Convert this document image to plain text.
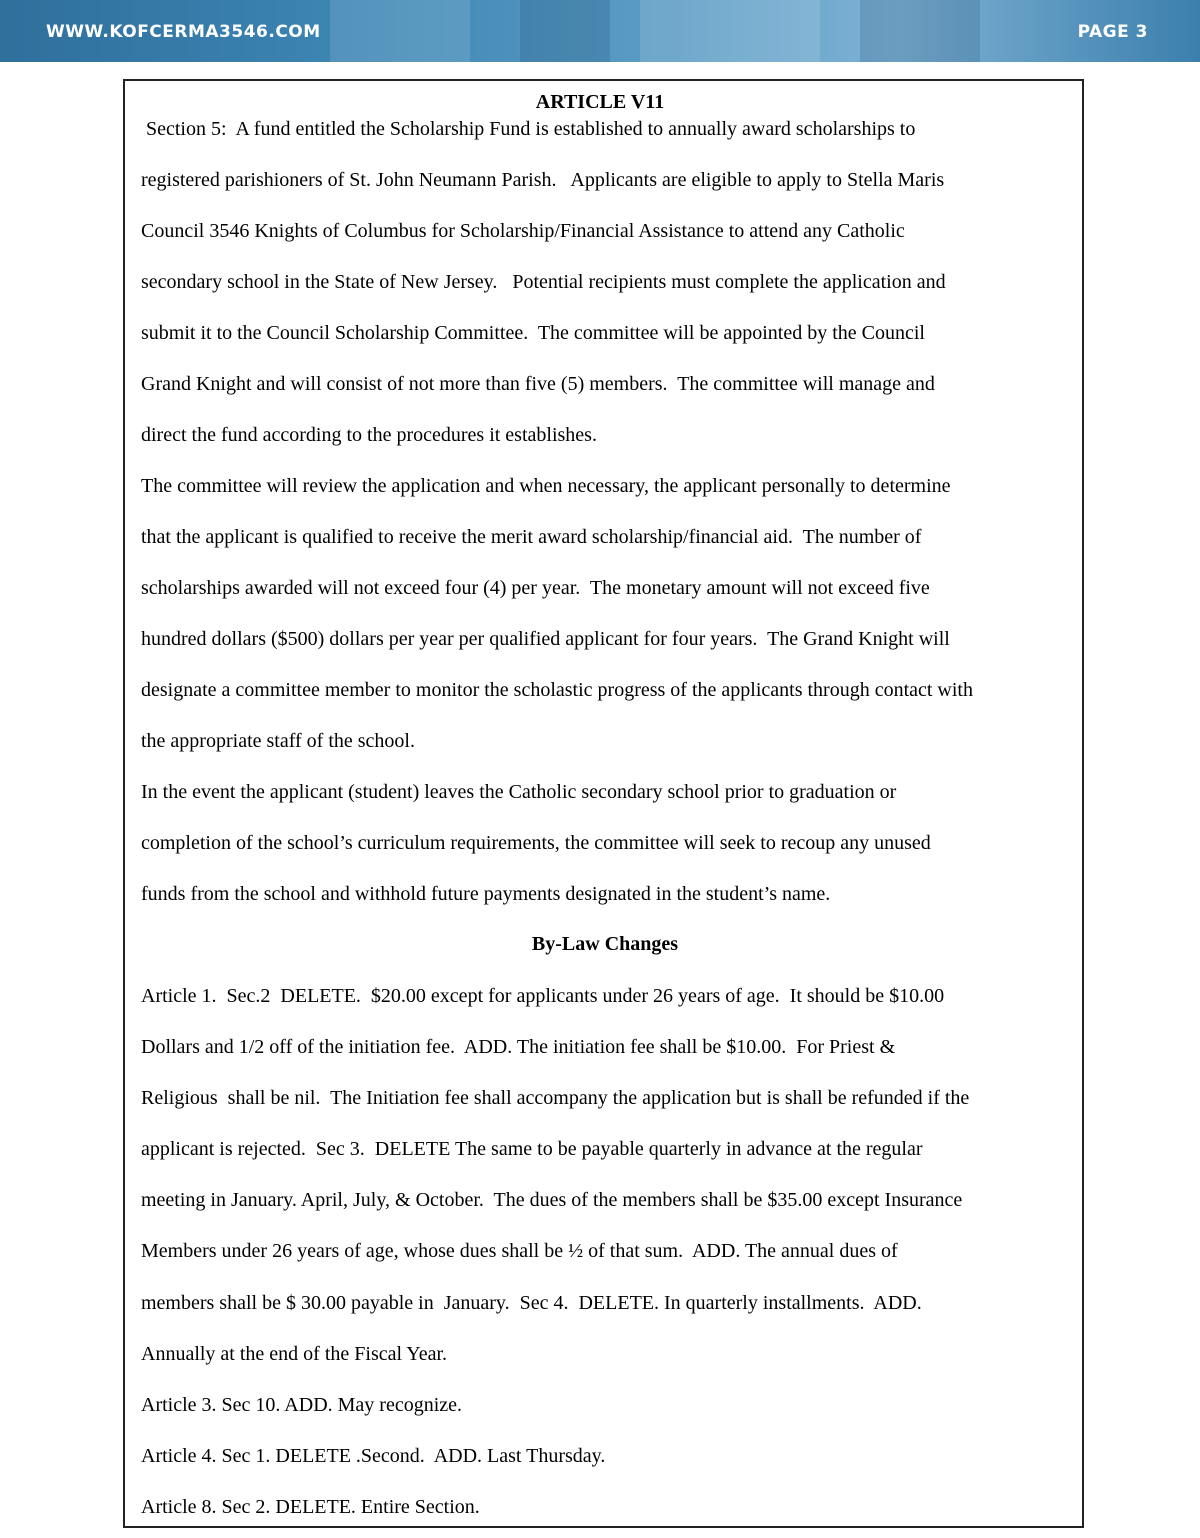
WWW.KOFCERMA3546.COM	PAGE 3
ARTICLE V11
Section 5:  A fund entitled the Scholarship Fund is established to annually award scholarships to
registered parishioners of St. John Neumann Parish.   Applicants are eligible to apply to Stella Maris
Council 3546 Knights of Columbus for Scholarship/Financial Assistance to attend any Catholic
secondary school in the State of New Jersey.   Potential recipients must complete the application and
submit it to the Council Scholarship Committee.  The committee will be appointed by the Council
Grand Knight and will consist of not more than five (5) members.  The committee will manage and
direct the fund according to the procedures it establishes.
The committee will review the application and when necessary, the applicant personally to determine
that the applicant is qualified to receive the merit award scholarship/financial aid.  The number of
scholarships awarded will not exceed four (4) per year.  The monetary amount will not exceed five
hundred dollars ($500) dollars per year per qualified applicant for four years.  The Grand Knight will
designate a committee member to monitor the scholastic progress of the applicants through contact with
the appropriate staff of the school.
In the event the applicant (student) leaves the Catholic secondary school prior to graduation or
completion of the school’s curriculum requirements, the committee will seek to recoup any unused
funds from the school and withhold future payments designated in the student’s name.
By-Law Changes
Article 1.  Sec.2  DELETE.  $20.00 except for applicants under 26 years of age.  It should be $10.00
Dollars and 1/2 off of the initiation fee.  ADD. The initiation fee shall be $10.00.  For Priest &
Religious  shall be nil.  The Initiation fee shall accompany the application but is shall be refunded if the
applicant is rejected.  Sec 3.  DELETE The same to be payable quarterly in advance at the regular
meeting in January. April, July, & October.  The dues of the members shall be $35.00 except Insurance
Members under 26 years of age, whose dues shall be ½ of that sum.  ADD. The annual dues of
members shall be $ 30.00 payable in  January.  Sec 4.  DELETE. In quarterly installments.  ADD.
Annually at the end of the Fiscal Year.
Article 3. Sec 10. ADD. May recognize.
Article 4. Sec 1. DELETE .Second.  ADD. Last Thursday.
Article 8. Sec 2. DELETE. Entire Section.
